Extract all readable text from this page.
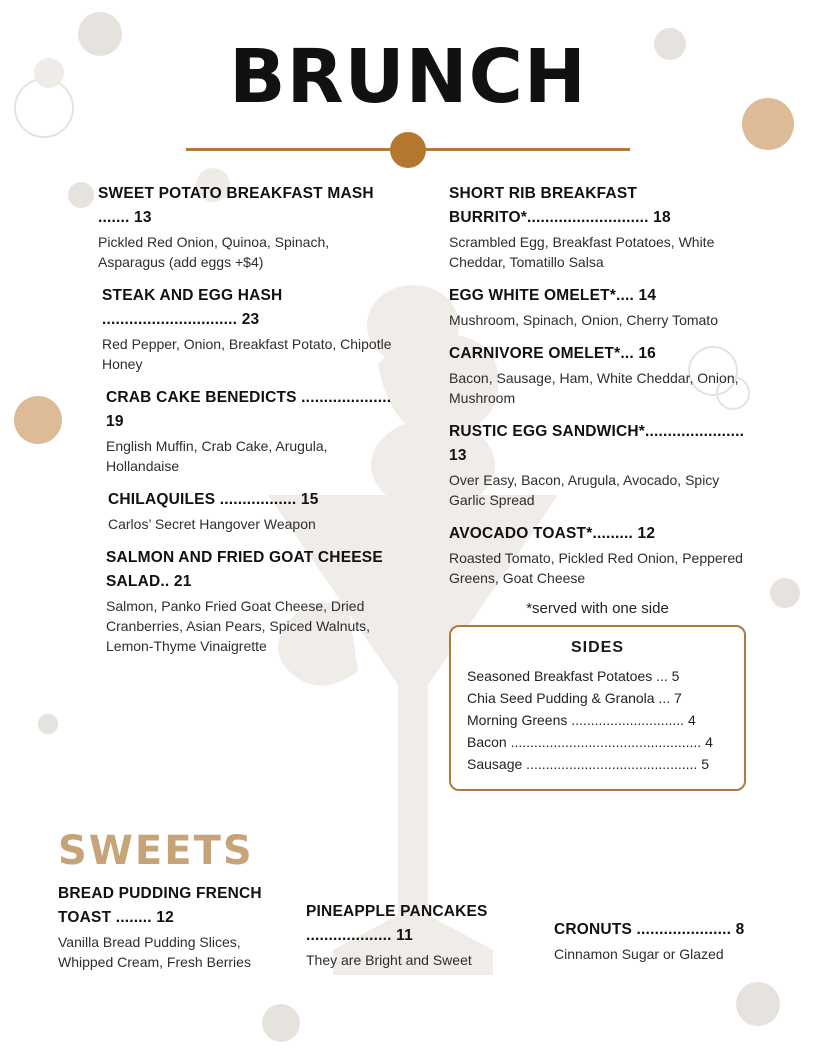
BRUNCH

SWEET POTATO BREAKFAST MASH ....... 13

Pickled Red Onion, Quinoa, Spinach, Asparagus (add eggs +$4)

STEAK AND EGG HASH .............................. 23

Red Pepper, Onion, Breakfast Potato, Chipotle Honey

CRAB CAKE BENEDICTS .................... 19

English Muffin, Crab Cake, Arugula, Hollandaise

CHILAQUILES ................. 15

Carlos’ Secret Hangover Weapon

SALMON AND FRIED GOAT CHEESE SALAD.. 21

Salmon, Panko Fried Goat Cheese, Dried Cranberries, Asian Pears, Spiced Walnuts, Lemon-Thyme Vinaigrette

SHORT RIB BREAKFAST BURRITO*........................... 18

Scrambled Egg, Breakfast Potatoes, White Cheddar, Tomatillo Salsa

EGG WHITE OMELET*.... 14

Mushroom, Spinach, Onion, Cherry Tomato

CARNIVORE OMELET*... 16

Bacon, Sausage, Ham, White Cheddar, Onion, Mushroom

RUSTIC EGG SANDWICH*...................... 13

Over Easy, Bacon, Arugula, Avocado, Spicy Garlic Spread

AVOCADO TOAST*......... 12

Roasted Tomato, Pickled Red Onion, Peppered Greens, Goat Cheese

*served with one side

SIDES

Seasoned Breakfast Potatoes ... 5
Chia Seed Pudding & Granola ... 7
Morning Greens ............................. 4
Bacon ................................................. 4
Sausage ............................................ 5

SWEETS

BREAD PUDDING FRENCH TOAST ........ 12

Vanilla Bread Pudding Slices, Whipped Cream, Fresh Berries

PINEAPPLE PANCAKES ................... 11

They are Bright and Sweet

CRONUTS ..................... 8

Cinnamon Sugar or Glazed
